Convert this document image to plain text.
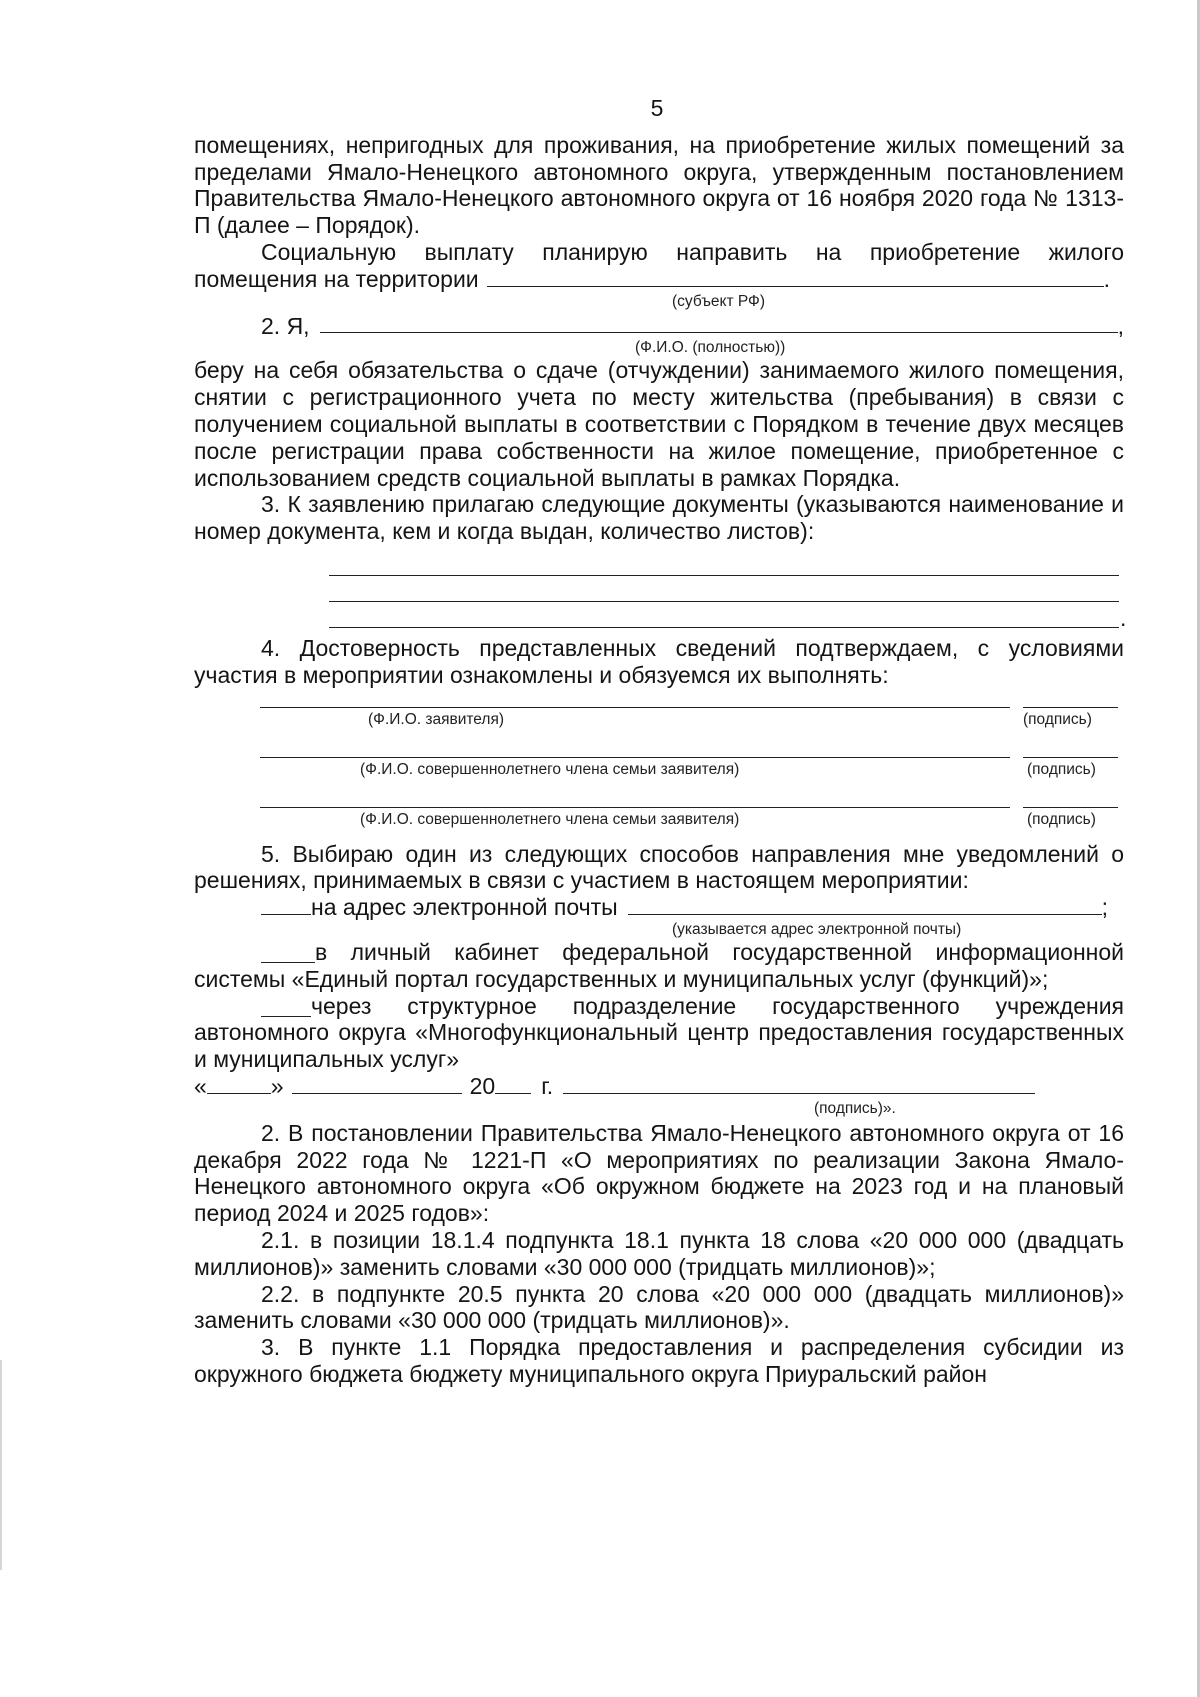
5
помещениях, непригодных для проживания, на приобретение жилых помещений за пределами Ямало-Ненецкого автономного округа, утвержденным постановлением Правительства Ямало-Ненецкого автономного округа от 16 ноября 2020 года № 1313-П (далее – Порядок).
Социальную выплату планирую направить на приобретение жилого
помещения на территории	.
(субъект РФ)
2. Я,	,
(Ф.И.О. (полностью))
беру на себя обязательства о сдаче (отчуждении) занимаемого жилого помещения, снятии с регистрационного учета по месту жительства (пребывания) в связи с получением социальной выплаты в соответствии с Порядком в течение двух месяцев после регистрации права собственности на жилое помещение, приобретенное с использованием средств социальной выплаты в рамках Порядка.
3. К заявлению прилагаю следующие документы (указываются наименование и номер документа, кем и когда выдан, количество листов):
.
4. Достоверность представленных сведений подтверждаем, с условиями участия в мероприятии ознакомлены и обязуемся их выполнять:
(Ф.И.О. заявителя)	(подпись)
(Ф.И.О. совершеннолетнего члена семьи заявителя)	(подпись)
(Ф.И.О. совершеннолетнего члена семьи заявителя)	(подпись)
5. Выбираю один из следующих способов направления мне уведомлений о решениях, принимаемых в связи с участием в настоящем мероприятии:
на адрес электронной почты	;
(указывается адрес электронной почты)
в личный кабинет федеральной государственной информационной системы «Единый портал государственных и муниципальных услуг (функций)»;
через структурное подразделение государственного учреждения автономного округа «Многофункциональный центр предоставления государственных и муниципальных услуг»
«	»	20 г.
(подпись)».
2. В постановлении Правительства Ямало-Ненецкого автономного округа от 16 декабря 2022 года № 1221-П «О мероприятиях по реализации Закона Ямало-Ненецкого автономного округа «Об окружном бюджете на 2023 год и на плановый период 2024 и 2025 годов»:
2.1. в позиции 18.1.4 подпункта 18.1 пункта 18 слова «20 000 000 (двадцать миллионов)» заменить словами «30 000 000 (тридцать миллионов)»;
2.2. в подпункте 20.5 пункта 20 слова «20 000 000 (двадцать миллионов)» заменить словами «30 000 000 (тридцать миллионов)».
3. В пункте 1.1 Порядка предоставления и распределения субсидии из окружного бюджета бюджету муниципального округа Приуральский район
